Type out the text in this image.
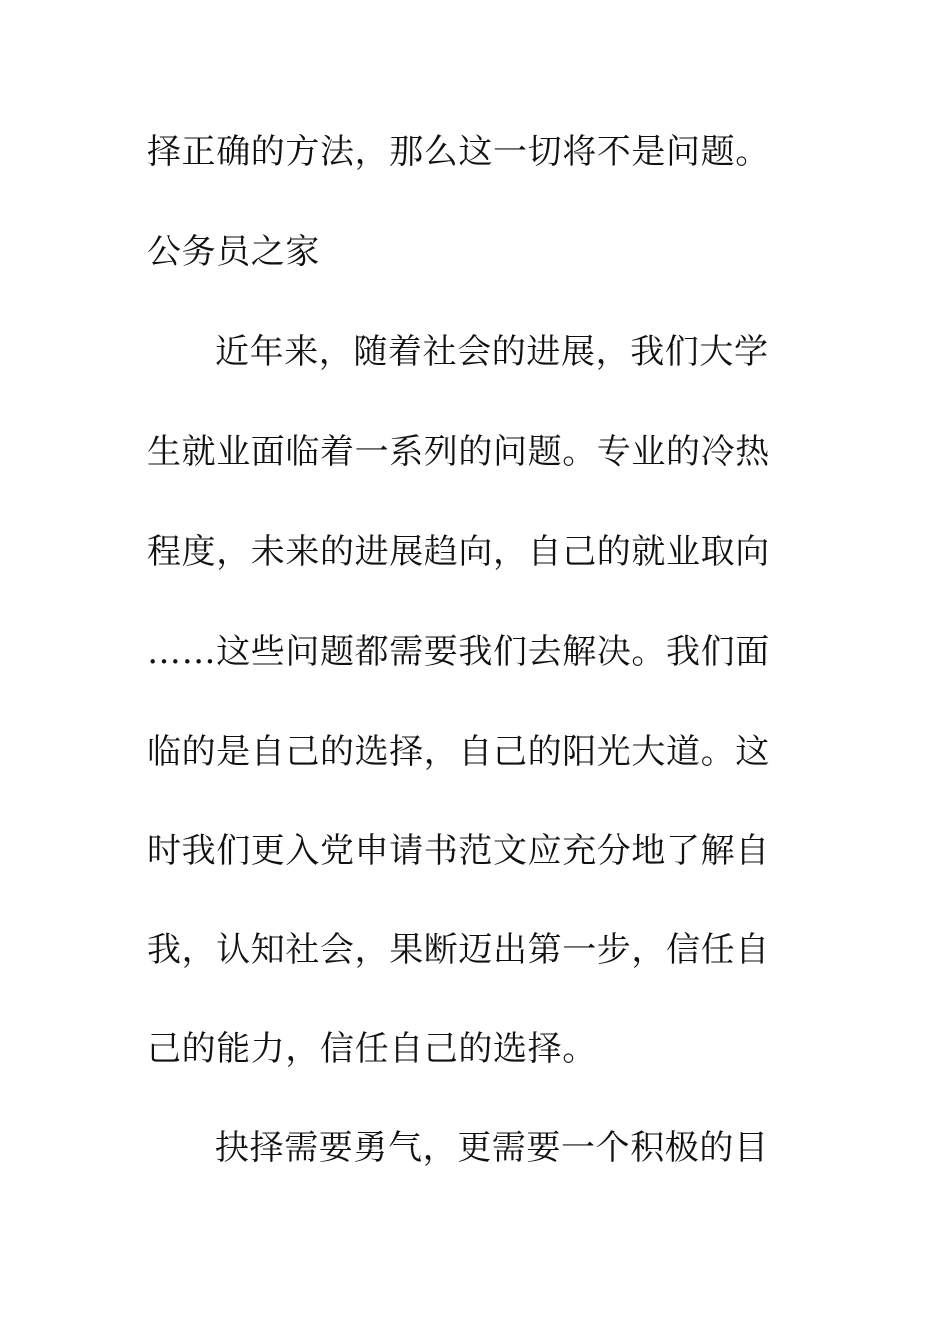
择正确的方法，那么这一切将不是问题。
公务员之家
近年来，随着社会的进展，我们大学
生就业面临着一系列的问题。专业的冷热
程度，未来的进展趋向，自己的就业取向
……这些问题都需要我们去解决。我们面
临的是自己的选择，自己的阳光大道。这
时我们更入党申请书范文应充分地了解自
我，认知社会，果断迈出第一步，信任自
己的能力，信任自己的选择。
抉择需要勇气，更需要一个积极的目
